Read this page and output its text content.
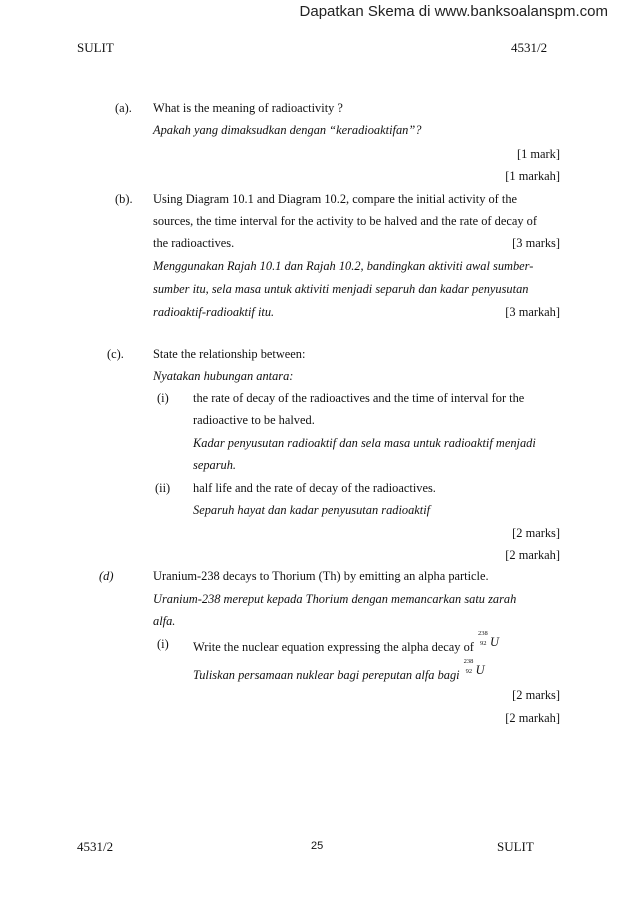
Dapatkan Skema di www.banksoalanspm.com
SULIT	4531/2
(a). What is the meaning of radioactivity ?
Apakah yang dimaksudkan dengan “keradioaktifan”?
[1 mark]
[1 markah]
(b). Using Diagram 10.1 and Diagram 10.2, compare the initial activity of the
sources, the time interval for the activity to be halved and the rate of decay of
the radioactives.	[3 marks]
Menggunakan Rajah 10.1 dan Rajah 10.2, bandingkan aktiviti awal sumber-
sumber itu, sela masa untuk aktiviti menjadi separuh dan kadar penyusutan
radioaktif-radioaktif itu.	[3 markah]
(c). State the relationship between:
Nyatakan hubungan antara:
(i) the rate of decay of the radioactives and the time of interval for the
radioactive to be halved.
Kadar penyusutan radioaktif dan sela masa untuk radioaktif menjadi
separuh.
(ii) half life and the rate of decay of the radioactives.
Separuh hayat dan kadar penyusutan radioaktif
[2 marks]
[2 markah]
(d)	Uranium-238 decays to Thorium (Th) by emitting an alpha particle.
Uranium-238 mereput kepada Thorium dengan memancarkan satu zarah
alfa.
(i) Write the nuclear equation expressing the alpha decay of
238
92 U
Tuliskan persamaan nuklear bagi pereputan alfa bagi
238
92 U
[2 marks]
[2 markah]
4531/2	25	SULIT
